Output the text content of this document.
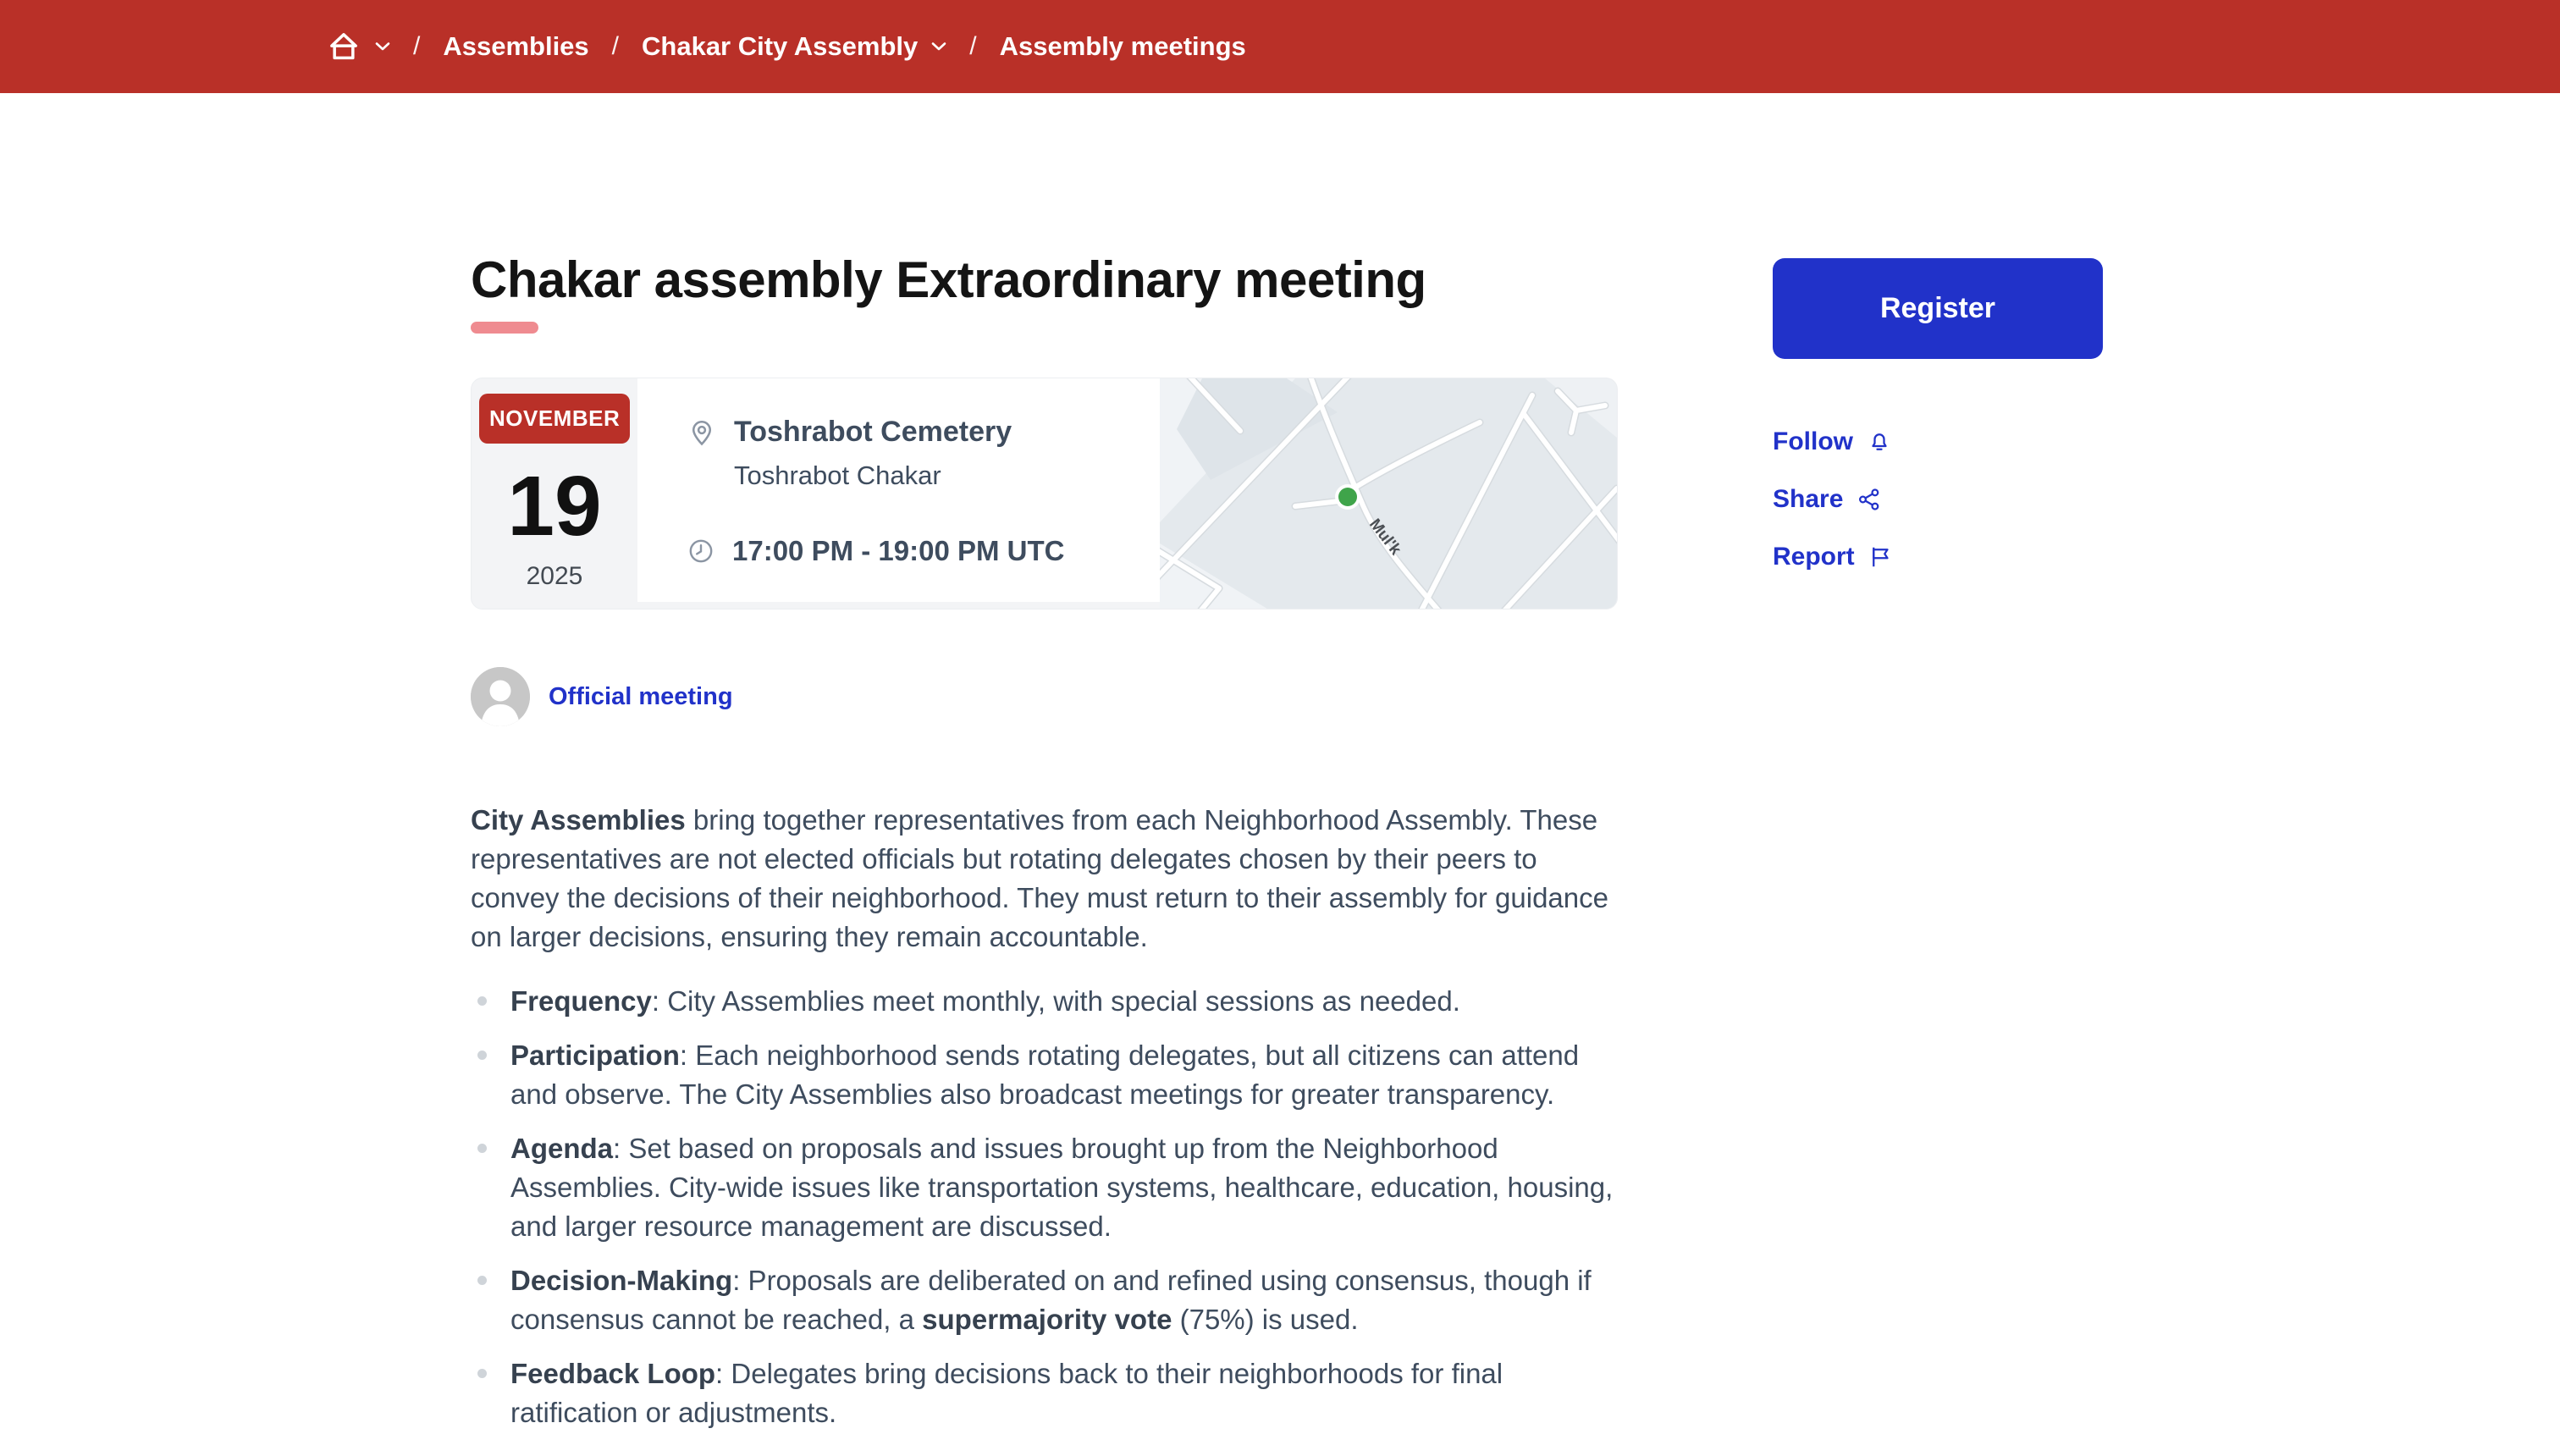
/ Assemblies / Chakar City Assembly / Assembly meetings
Chakar assembly Extraordinary meeting
NOVEMBER
19
2025
Toshrabot Cemetery
Toshrabot Chakar
17:00 PM - 19:00 PM UTC	Mul'k
Official meeting

City Assemblies bring together representatives from each Neighborhood Assembly. These representatives are not elected officials but rotating delegates chosen by their peers to convey the decisions of their neighborhood. They must return to their assembly for guidance on larger decisions, ensuring they remain accountable.

Frequency: City Assemblies meet monthly, with special sessions as needed.
Participation: Each neighborhood sends rotating delegates, but all citizens can attend and observe. The City Assemblies also broadcast meetings for greater transparency.
Agenda: Set based on proposals and issues brought up from the Neighborhood Assemblies. City-wide issues like transportation systems, healthcare, education, housing, and larger resource management are discussed.
Decision-Making: Proposals are deliberated on and refined using consensus, though if consensus cannot be reached, a supermajority vote (75%) is used.
Feedback Loop: Delegates bring decisions back to their neighborhoods for final ratification or adjustments.
Register
Follow
Share
Report
